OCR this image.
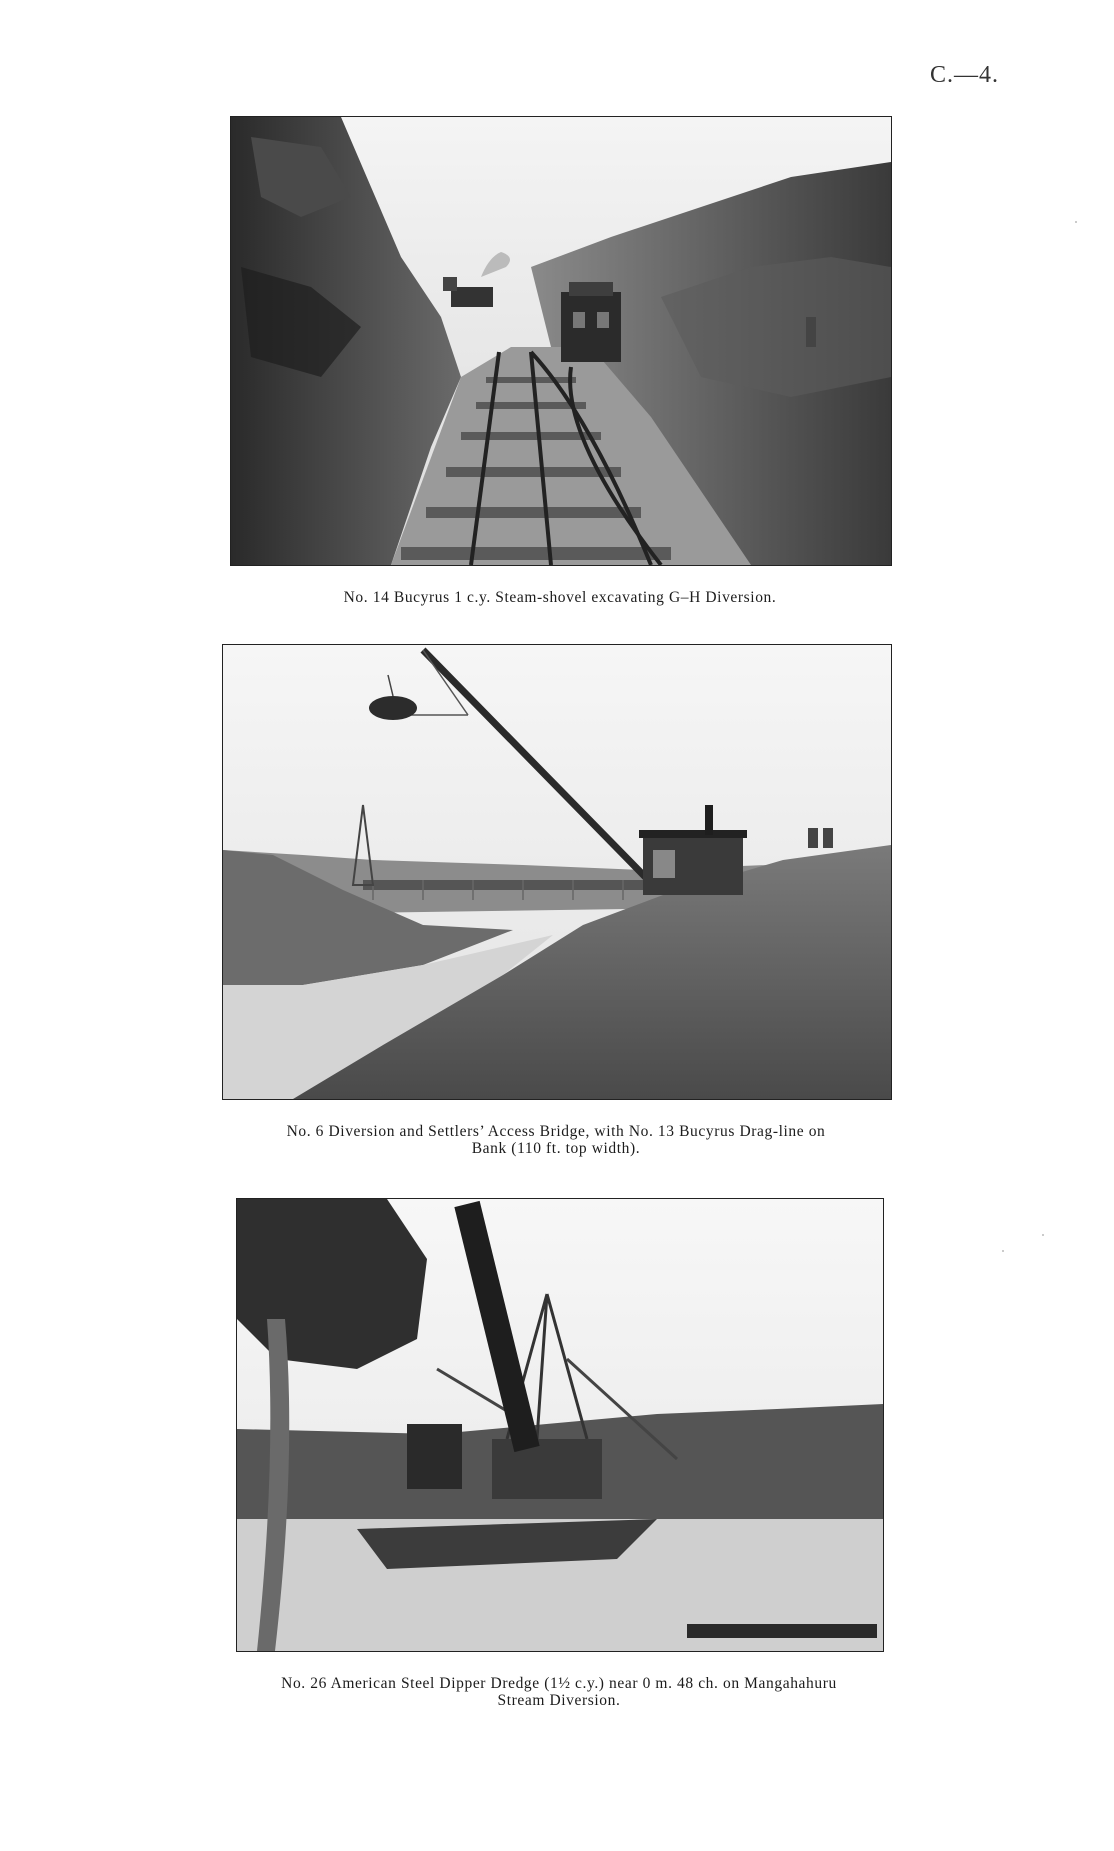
C.—4.
No. 14 Bucyrus 1 c.y. Steam-shovel excavating G–H Diversion.
No. 6 Diversion and Settlers’ Access Bridge, with No. 13 Bucyrus Drag-line on
Bank (110 ft. top width).
No. 26 American Steel Dipper Dredge (1½ c.y.) near 0 m. 48 ch. on Mangahahuru
Stream Diversion.
